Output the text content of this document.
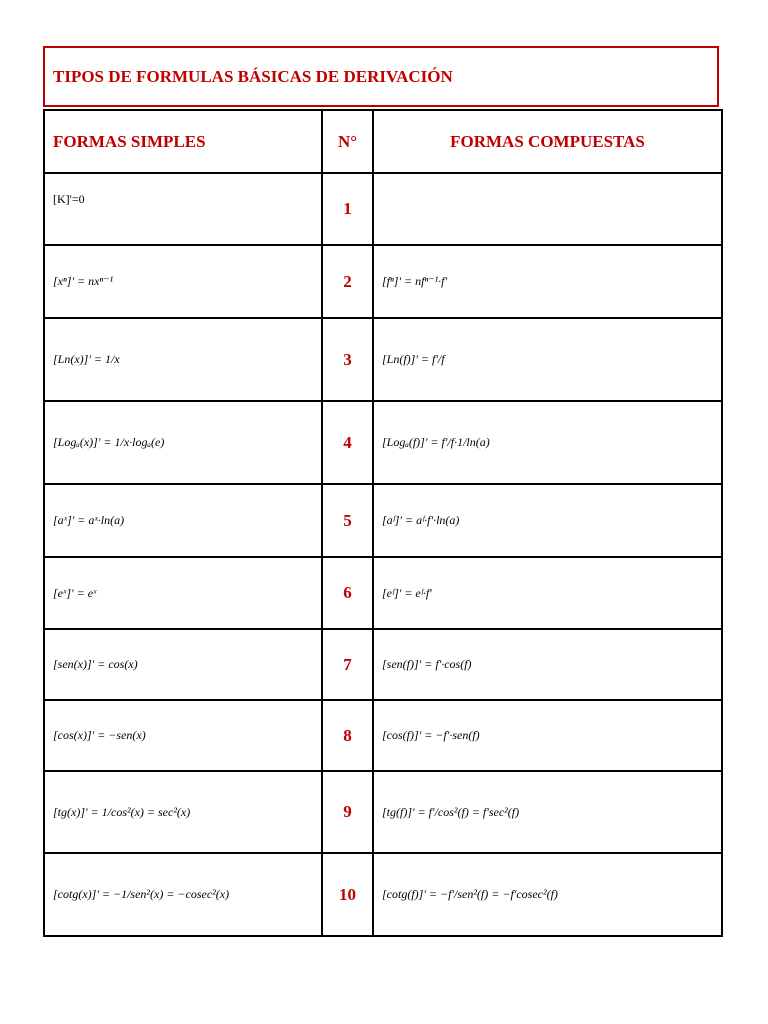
TIPOS DE FORMULAS BÁSICAS DE DERIVACIÓN
FORMAS SIMPLES	N°	FORMAS COMPUESTAS
[K]'=0	1	
[xⁿ]' = nxⁿ⁻¹	2	[fⁿ]' = nfⁿ⁻¹·f'
[Ln(x)]' = 1/x	3	[Ln(f)]' = f'/f
[Logₐ(x)]' = 1/x·logₐ(e)	4	[Logₐ(f)]' = f'/f·1/ln(a)
[aˣ]' = aˣ·ln(a)	5	[aᶠ]' = aᶠ·f'·ln(a)
[eˣ]' = eˣ	6	[eᶠ]' = eᶠ·f'
[sen(x)]' = cos(x)	7	[sen(f)]' = f'·cos(f)
[cos(x)]' = −sen(x)	8	[cos(f)]' = −f'·sen(f)
[tg(x)]' = 1/cos²(x) = sec²(x)	9	[tg(f)]' = f'/cos²(f) = f'sec²(f)
[cotg(x)]' = −1/sen²(x) = −cosec²(x)	10	[cotg(f)]' = −f'/sen²(f) = −f'cosec²(f)
